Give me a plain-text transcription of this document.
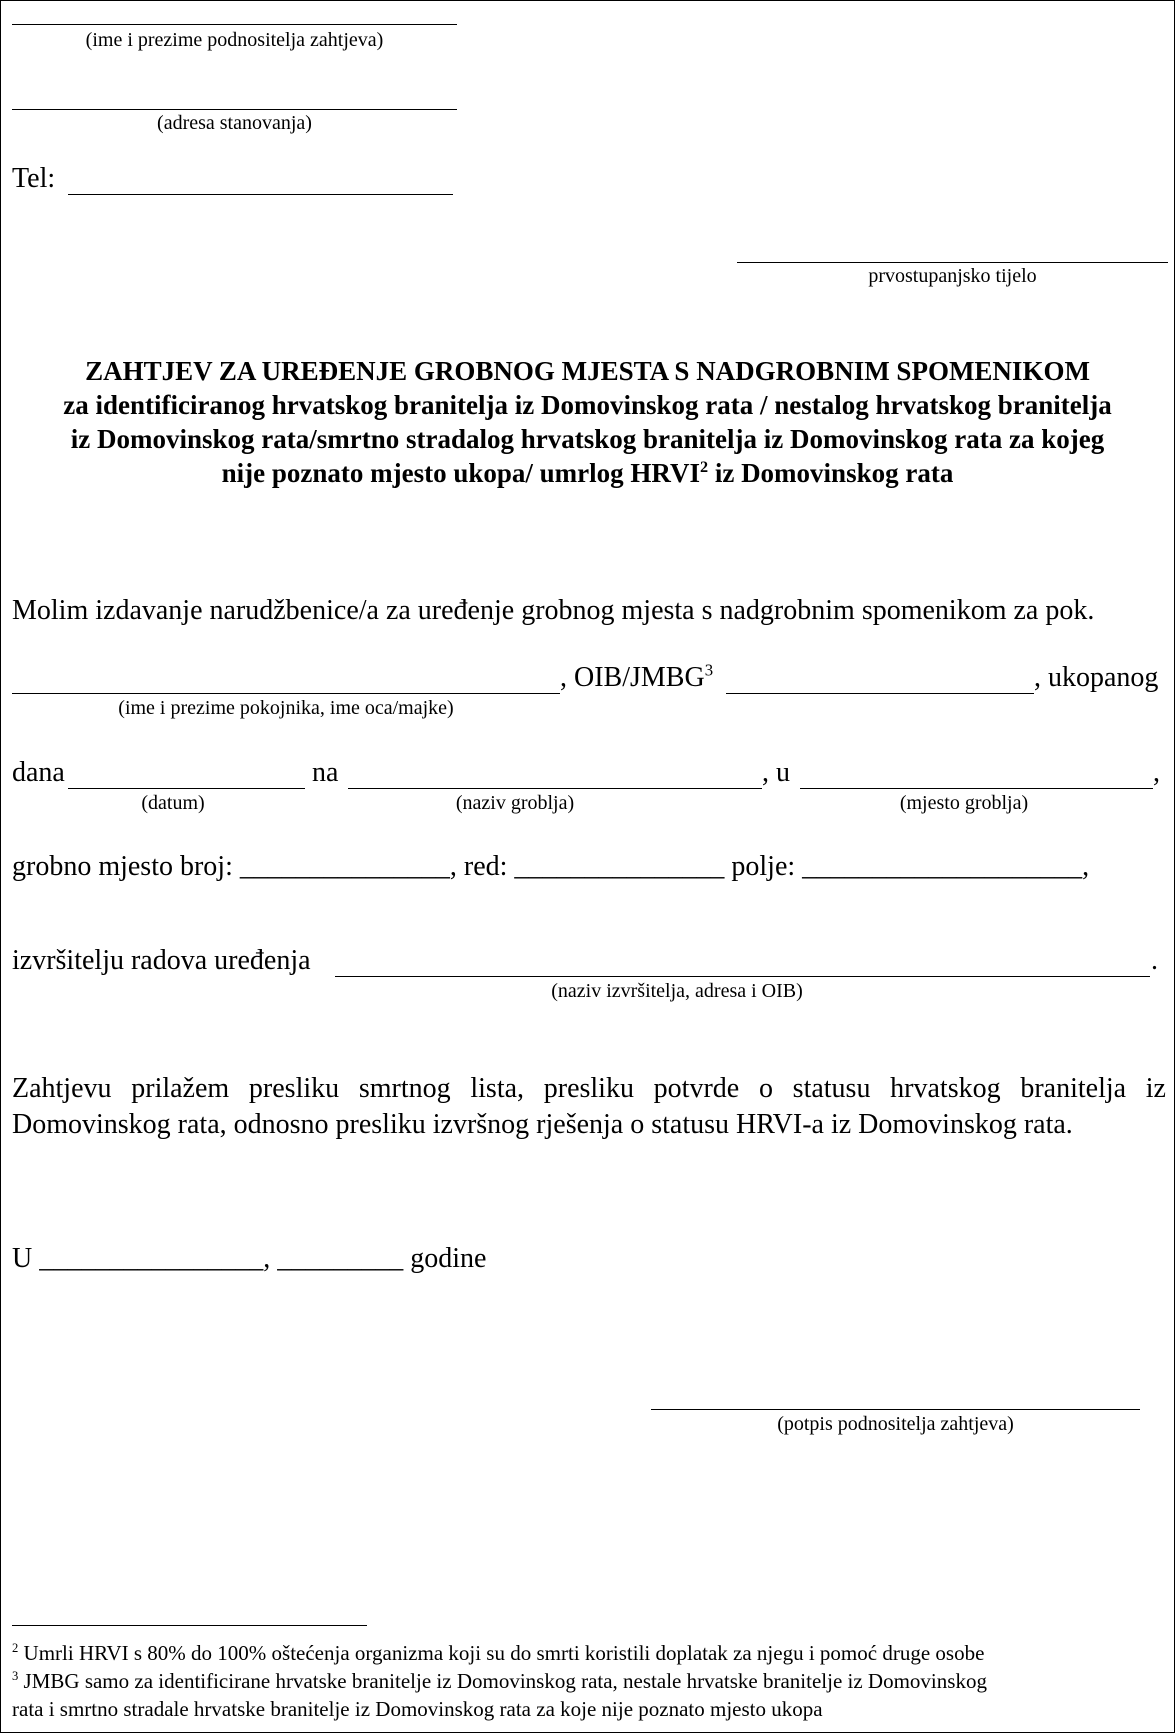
(ime i prezime podnositelja zahtjeva)
(adresa stanovanja)
Tel:
prvostupanjsko tijelo
ZAHTJEV ZA UREĐENJE GROBNOG MJESTA S NADGROBNIM SPOMENIKOM
za identificiranog hrvatskog branitelja iz Domovinskog rata / nestalog hrvatskog branitelja
iz Domovinskog rata/smrtno stradalog hrvatskog branitelja iz Domovinskog rata za kojeg
nije poznato mjesto ukopa/ umrlog HRVI$^2$ iz Domovinskog rata
Molim izdavanje narudžbenice/a za uređenje grobnog mjesta s nadgrobnim spomenikom za pok.
, OIB/JMBG$^3$	, ukopanog
(ime i prezime pokojnika, ime oca/majke)
dana	na	, u	,
(datum)	(naziv groblja)	(mjesto groblja)
grobno mjesto broj: _______________, red: _______________ polje: ____________________,
izvršitelju radova uređenja	.
(naziv izvršitelja, adresa i OIB)
Zahtjevu prilažem presliku smrtnog lista, presliku potvrde o statusu hrvatskog branitelja iz Domovinskog rata, odnosno presliku izvršnog rješenja o statusu HRVI-a iz Domovinskog rata.
U ________________, _________ godine
(potpis podnositelja zahtjeva)
$^2$ Umrli HRVI s 80% do 100% oštećenja organizma koji su do smrti koristili doplatak za njegu i pomoć druge osobe
$^3$ JMBG samo za identificirane hrvatske branitelje iz Domovinskog rata, nestale hrvatske branitelje iz Domovinskog
rata i smrtno stradale hrvatske branitelje iz Domovinskog rata za koje nije poznato mjesto ukopa
